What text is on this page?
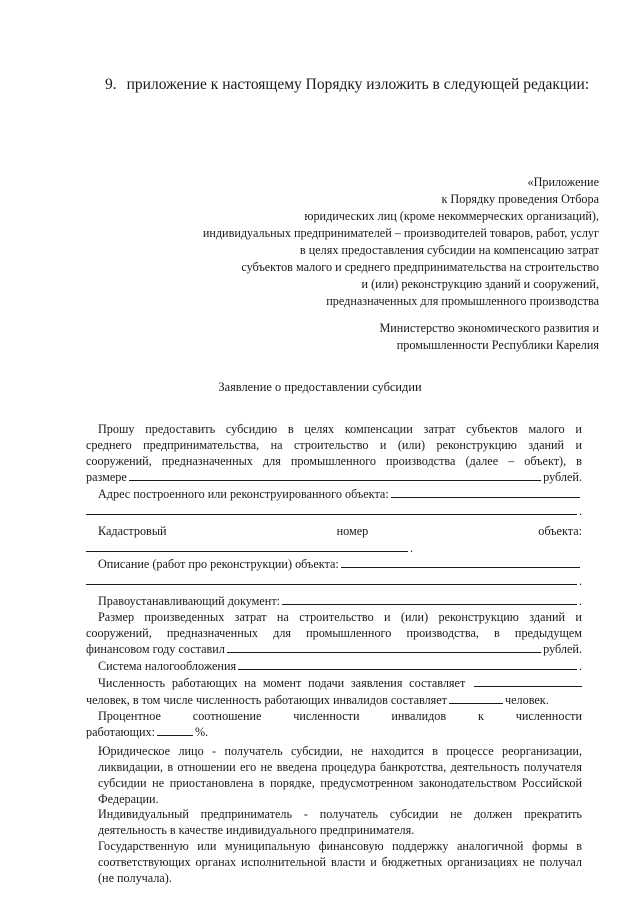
9. приложение к настоящему Порядку изложить в следующей редакции:
«Приложение
к Порядку проведения Отбора
юридических лиц (кроме некоммерческих организаций),
индивидуальных предпринимателей – производителей товаров, работ, услуг
в целях предоставления субсидии на компенсацию затрат
субъектов малого и среднего предпринимательства на строительство
и (или) реконструкцию зданий и сооружений,
предназначенных для промышленного производства
Министерство экономического развития и
промышленности Республики Карелия
Заявление о предоставлении субсидии
Прошу предоставить субсидию в целях компенсации затрат субъектов малого и
среднего предпринимательства, на строительство и (или) реконструкцию зданий и
сооружений, предназначенных для промышленного производства (далее – объект), в
размере	рублей.
Адрес построенного или реконструированного объекта:
.
Кадастровый	номер	объекта:
.
Описание (работ про реконструкции) объекта:
.
Правоустанавливающий документ:	.
Размер произведенных затрат на строительство и (или) реконструкцию зданий и
сооружений, предназначенных для промышленного производства, в предыдущем
финансовом году составил	рублей.
Система налогообложения	.
Численность работающих на момент подачи заявления составляет
человек, в том числе численность работающих инвалидов составляет	человек.
Процентное	соотношение	численности	инвалидов	к	численности
работающих:	%.
Юридическое лицо - получатель субсидии, не находится в процессе реорганизации, ликвидации, в отношении его не введена процедура банкротства, деятельность получателя субсидии не приостановлена в порядке, предусмотренном законодательством Российской Федерации.
Индивидуальный предприниматель - получатель субсидии не должен прекратить деятельность в качестве индивидуального предпринимателя.
Государственную или муниципальную финансовую поддержку аналогичной формы в соответствующих органах исполнительной власти и бюджетных организациях не получал (не получала).
